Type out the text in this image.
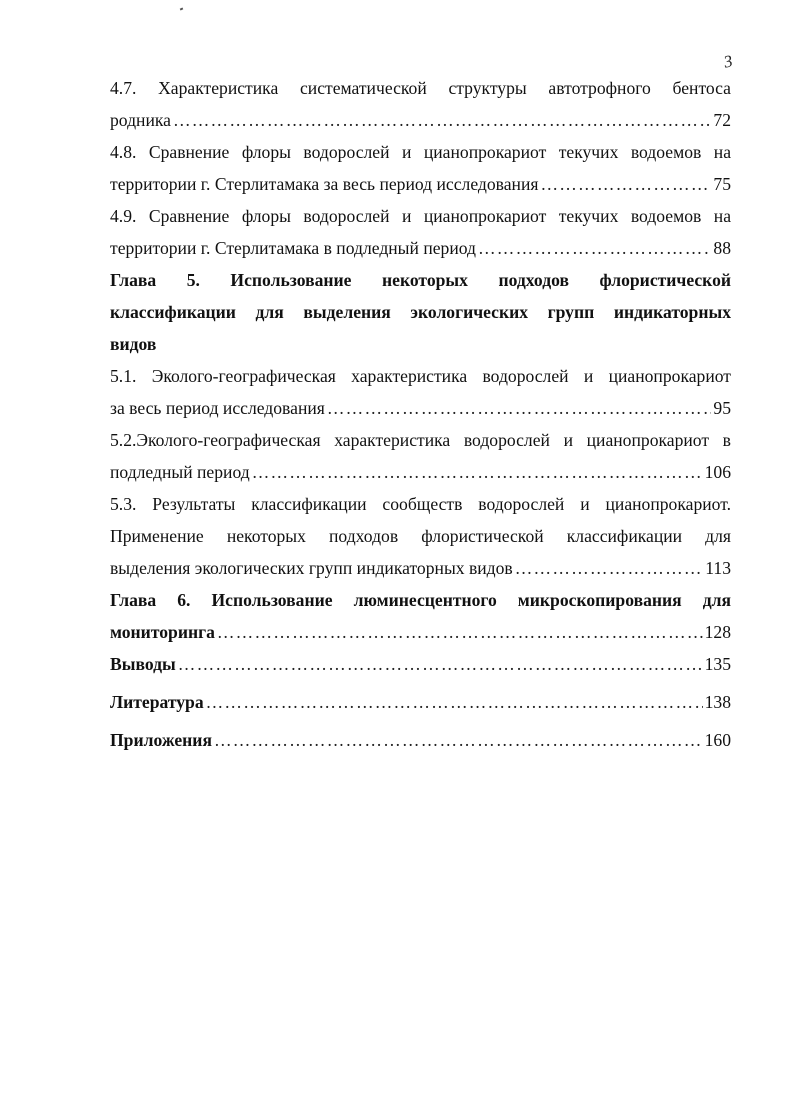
3
4.7. Характеристика систематической структуры автотрофного бентоса
родника ……………………………………………………………………………………………………………………………………………………………………………………………	72
4.8. Сравнение флоры водорослей и цианопрокариот текучих водоемов на
территории г. Стерлитамака за весь период исследования ……………………………………………………………………………………………………………………………………………………………………………………………	75
4.9. Сравнение флоры водорослей и цианопрокариот текучих водоемов на
территории г. Стерлитамака в подледный период ……………………………………………………………………………………………………………………………………………………………………………………………	88
Глава 5. Использование некоторых подходов флористической
классификации для выделения экологических групп индикаторных
видов
5.1. Эколого-географическая характеристика водорослей и цианопрокариот
за весь период исследования ……………………………………………………………………………………………………………………………………………………………………………………………	95
5.2.Эколого-географическая характеристика водорослей и цианопрокариот в
подледный период ……………………………………………………………………………………………………………………………………………………………………………………………	106
5.3. Результаты классификации сообществ водорослей и цианопрокариот.
Применение некоторых подходов флористической классификации для
выделения экологических групп индикаторных видов ……………………………………………………………………………………………………………………………………………………………………………………………	113
Глава 6. Использование люминесцентного микроскопирования для
мониторинга ……………………………………………………………………………………………………………………………………………………………………………………………	128
Выводы ……………………………………………………………………………………………………………………………………………………………………………………………	135
Литература ……………………………………………………………………………………………………………………………………………………………………………………………	138
Приложения ……………………………………………………………………………………………………………………………………………………………………………………………	160
